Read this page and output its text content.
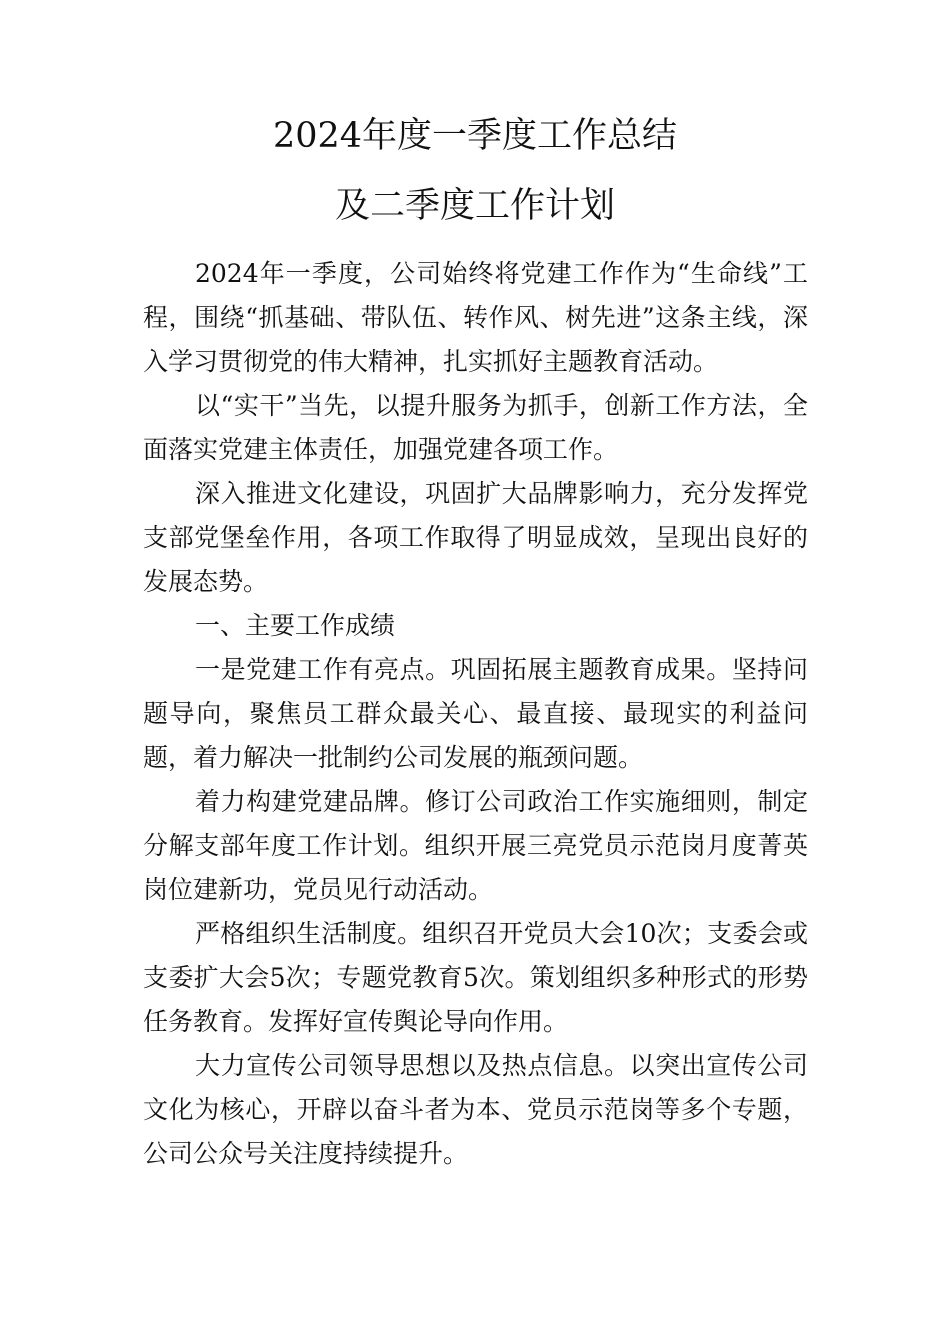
2024年度一季度工作总结
及二季度工作计划

2024年一季度，公司始终将党建工作作为“生命线”工程，围绕“抓基础、带队伍、转作风、树先进”这条主线，深入学习贯彻党的伟大精神，扎实抓好主题教育活动。

以“实干”当先，以提升服务为抓手，创新工作方法，全面落实党建主体责任，加强党建各项工作。

深入推进文化建设，巩固扩大品牌影响力，充分发挥党支部党堡垒作用，各项工作取得了明显成效，呈现出良好的发展态势。

一、主要工作成绩

一是党建工作有亮点。巩固拓展主题教育成果。坚持问题导向，聚焦员工群众最关心、最直接、最现实的利益问题，着力解决一批制约公司发展的瓶颈问题。

着力构建党建品牌。修订公司政治工作实施细则，制定分解支部年度工作计划。组织开展三亮党员示范岗月度菁英岗位建新功，党员见行动活动。

严格组织生活制度。组织召开党员大会10次；支委会或支委扩大会5次；专题党教育5次。策划组织多种形式的形势任务教育。发挥好宣传舆论导向作用。

大力宣传公司领导思想以及热点信息。以突出宣传公司文化为核心，开辟以奋斗者为本、党员示范岗等多个专题，公司公众号关注度持续提升。
